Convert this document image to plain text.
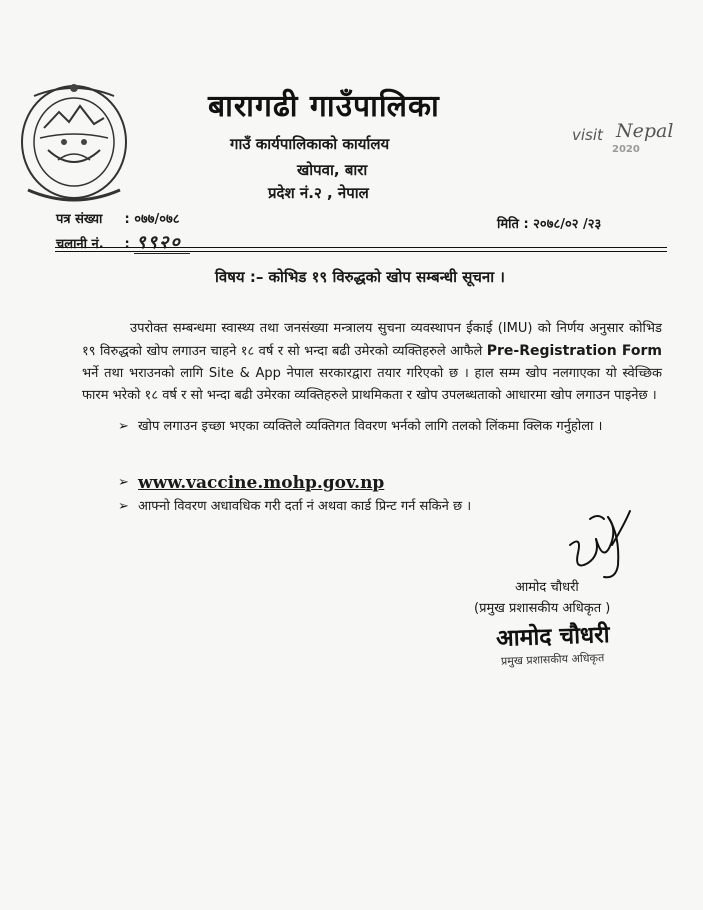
बारागढी गाउँपालिका
गाउँ कार्यपालिकाको कार्यालय
खोपवा, बारा
प्रदेश नं.२ , नेपाल
visit Nepal
2020
पत्र संख्या : ०७७/०७८
चलानी नं. : ९९२०
मिति : २०७८/०२ /२३
विषय :– कोभिड १९ विरुद्धको खोप सम्बन्धी सूचना ।

उपरोक्त सम्बन्धमा स्वास्थ्य तथा जनसंख्या मन्त्रालय सुचना व्यवस्थापन ईकाई (IMU) को निर्णय अनुसार कोभिड १९ विरुद्धको खोप लगाउन चाहने १८ वर्ष र सो भन्दा बढी उमेरको व्यक्तिहरुले आफैले Pre-Registration Form भर्ने तथा भराउनको लागि Site & App नेपाल सरकारद्वारा तयार गरिएको छ । हाल सम्म खोप नलगाएका यो स्वेच्छिक फारम भरेको १८ वर्ष र सो भन्दा बढी उमेरका व्यक्तिहरुले प्राथमिकता र खोप उपलब्धताको आधारमा खोप लगाउन पाइनेछ ।

➢ खोप लगाउन इच्छा भएका व्यक्तिले व्यक्तिगत विवरण भर्नको लागि तलको लिंकमा क्लिक गर्नुहोला ।
➢ www.vaccine.mohp.gov.np
➢ आफ्नो विवरण अधावधिक गरी दर्ता नं अथवा कार्ड प्रिन्ट गर्न सकिने छ ।
आमोद चौधरी
(प्रमुख प्रशासकीय अधिकृत )
आमोद चौधरी
प्रमुख प्रशासकीय अधिकृत
